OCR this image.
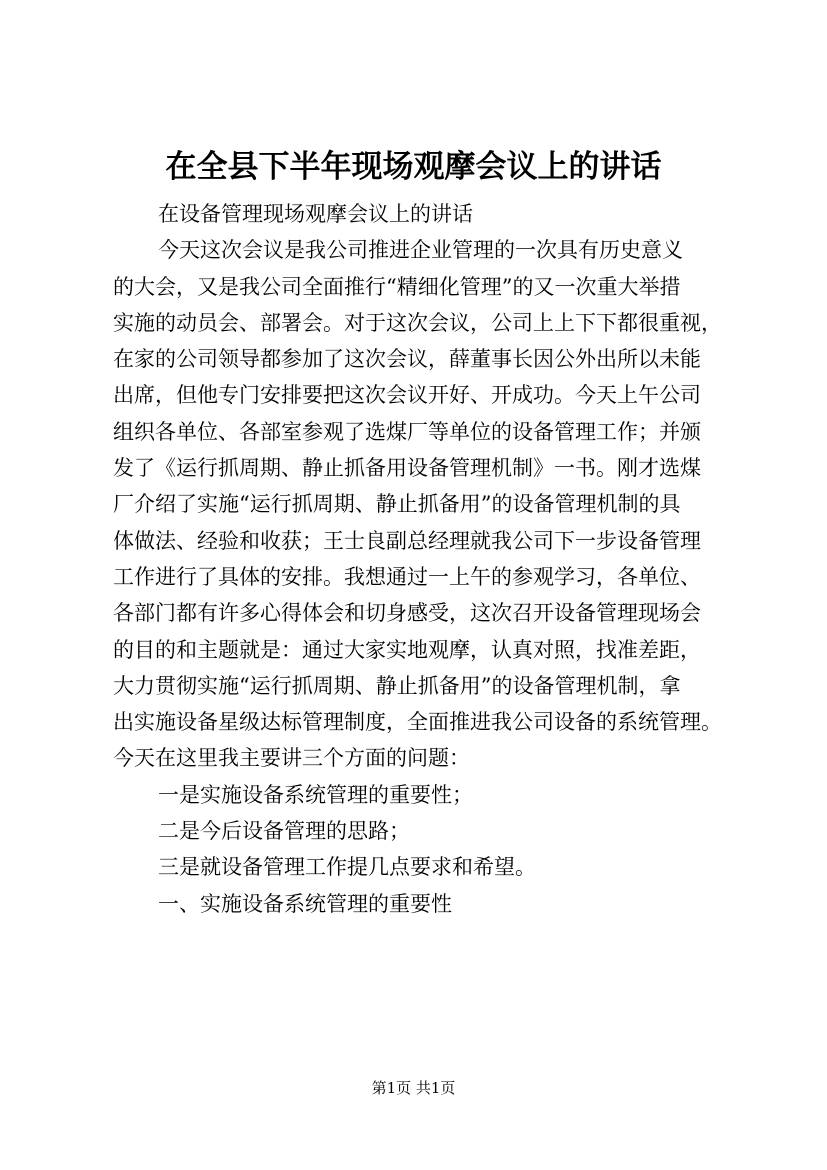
在全县下半年现场观摩会议上的讲话
在设备管理现场观摩会议上的讲话
今天这次会议是我公司推进企业管理的一次具有历史意义
的大会，又是我公司全面推行“精细化管理”的又一次重大举措
实施的动员会、部署会。对于这次会议，公司上上下下都很重视，
在家的公司领导都参加了这次会议，薛董事长因公外出所以未能
出席，但他专门安排要把这次会议开好、开成功。今天上午公司
组织各单位、各部室参观了选煤厂等单位的设备管理工作；并颁
发了《运行抓周期、静止抓备用设备管理机制》一书。刚才选煤
厂介绍了实施“运行抓周期、静止抓备用”的设备管理机制的具
体做法、经验和收获；王士良副总经理就我公司下一步设备管理
工作进行了具体的安排。我想通过一上午的参观学习，各单位、
各部门都有许多心得体会和切身感受，这次召开设备管理现场会
的目的和主题就是：通过大家实地观摩，认真对照，找准差距，
大力贯彻实施“运行抓周期、静止抓备用”的设备管理机制，拿
出实施设备星级达标管理制度，全面推进我公司设备的系统管理。
今天在这里我主要讲三个方面的问题：
一是实施设备系统管理的重要性；
二是今后设备管理的思路；
三是就设备管理工作提几点要求和希望。
一、实施设备系统管理的重要性
第1页 共1页
